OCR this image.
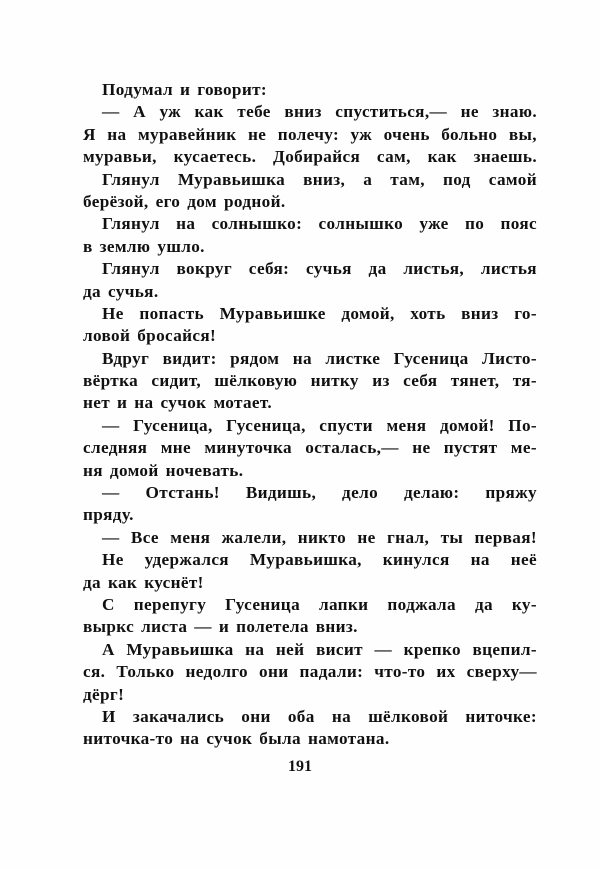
Подумал и говорит:
— А уж как тебе вниз спуститься,— не знаю.
Я на муравейник не полечу: уж очень больно вы,
муравьи, кусаетесь. Добирайся сам, как знаешь.
Глянул Муравьишка вниз, а там, под самой
берёзой, его дом родной.
Глянул на солнышко: солнышко уже по пояс
в землю ушло.
Глянул вокруг себя: сучья да листья, листья
да сучья.
Не попасть Муравьишке домой, хоть вниз го-
ловой бросайся!
Вдруг видит: рядом на листке Гусеница Листо-
вёртка сидит, шёлковую нитку из себя тянет, тя-
нет и на сучок мотает.
— Гусеница, Гусеница, спусти меня домой! По-
следняя мне минуточка осталась,— не пустят ме-
ня домой ночевать.
— Отстань! Видишь, дело делаю: пряжу
пряду.
— Все меня жалели, никто не гнал, ты первая!
Не удержался Муравьишка, кинулся на неё
да как куснёт!
С перепугу Гусеница лапки поджала да ку-
выркс листа — и полетела вниз.
А Муравьишка на ней висит — крепко вцепил-
ся. Только недолго они падали: что-то их сверху—
дёрг!
И закачались они оба на шёлковой ниточке:
ниточка-то на сучок была намотана.
191
